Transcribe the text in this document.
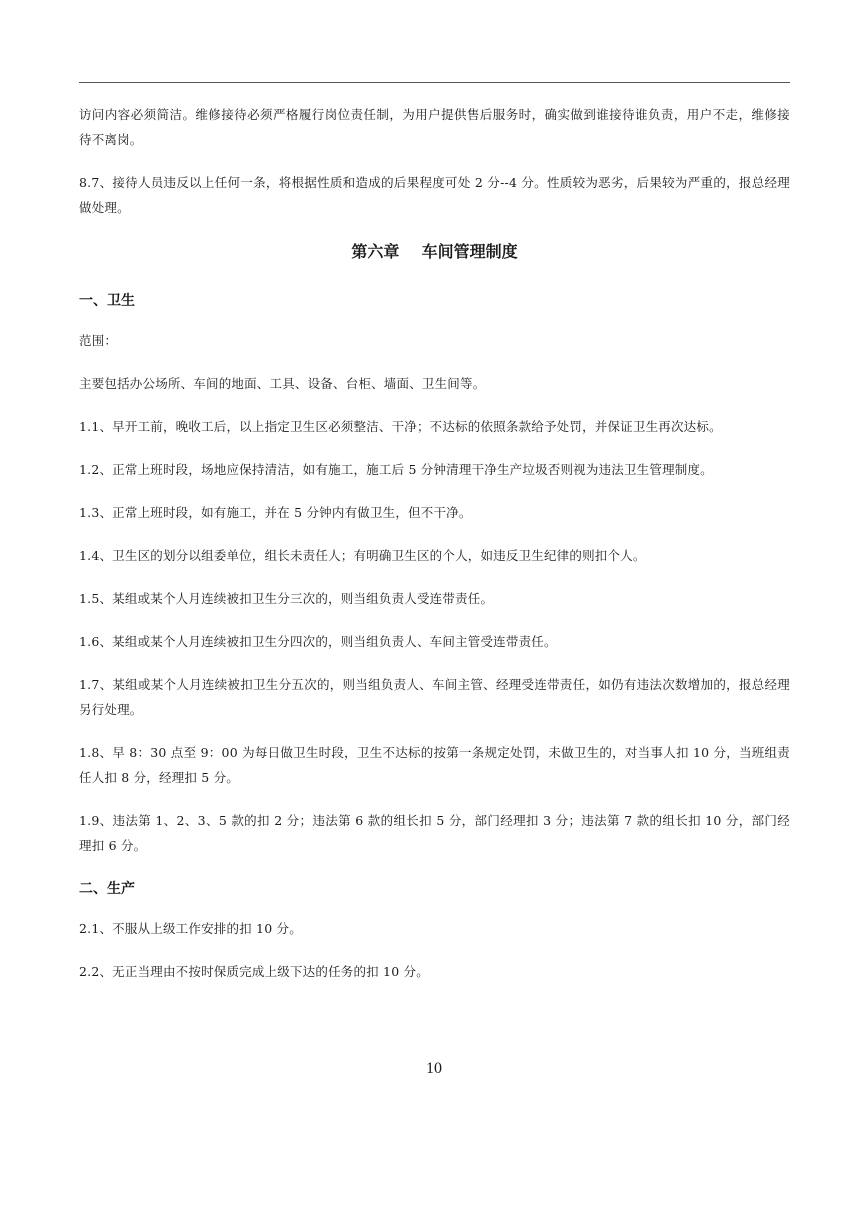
访问内容必须简洁。维修接待必须严格履行岗位责任制，为用户提供售后服务时，确实做到谁接待谁负责，用户不走，维修接待不离岗。

8.7、接待人员违反以上任何一条，将根据性质和造成的后果程度可处 2 分--4 分。性质较为恶劣，后果较为严重的，报总经理做处理。

第六章    车间管理制度
一、卫生

范围：

主要包括办公场所、车间的地面、工具、设备、台柜、墙面、卫生间等。

1.1、早开工前，晚收工后，以上指定卫生区必须整洁、干净；不达标的依照条款给予处罚，并保证卫生再次达标。

1.2、正常上班时段，场地应保持清洁，如有施工，施工后 5 分钟清理干净生产垃圾否则视为违法卫生管理制度。

1.3、正常上班时段，如有施工，并在 5 分钟内有做卫生，但不干净。

1.4、卫生区的划分以组委单位，组长未责任人；有明确卫生区的个人，如违反卫生纪律的则扣个人。

1.5、某组或某个人月连续被扣卫生分三次的，则当组负责人受连带责任。

1.6、某组或某个人月连续被扣卫生分四次的，则当组负责人、车间主管受连带责任。

1.7、某组或某个人月连续被扣卫生分五次的，则当组负责人、车间主管、经理受连带责任，如仍有违法次数增加的，报总经理另行处理。

1.8、早 8：30 点至 9：00 为每日做卫生时段，卫生不达标的按第一条规定处罚，未做卫生的，对当事人扣 10 分，当班组责任人扣 8 分，经理扣 5 分。

1.9、违法第 1、2、3、5 款的扣 2 分；违法第 6 款的组长扣 5 分，部门经理扣 3 分；违法第 7 款的组长扣 10 分，部门经理扣 6 分。

二、生产

2.1、不服从上级工作安排的扣 10 分。

2.2、无正当理由不按时保质完成上级下达的任务的扣 10 分。

10
